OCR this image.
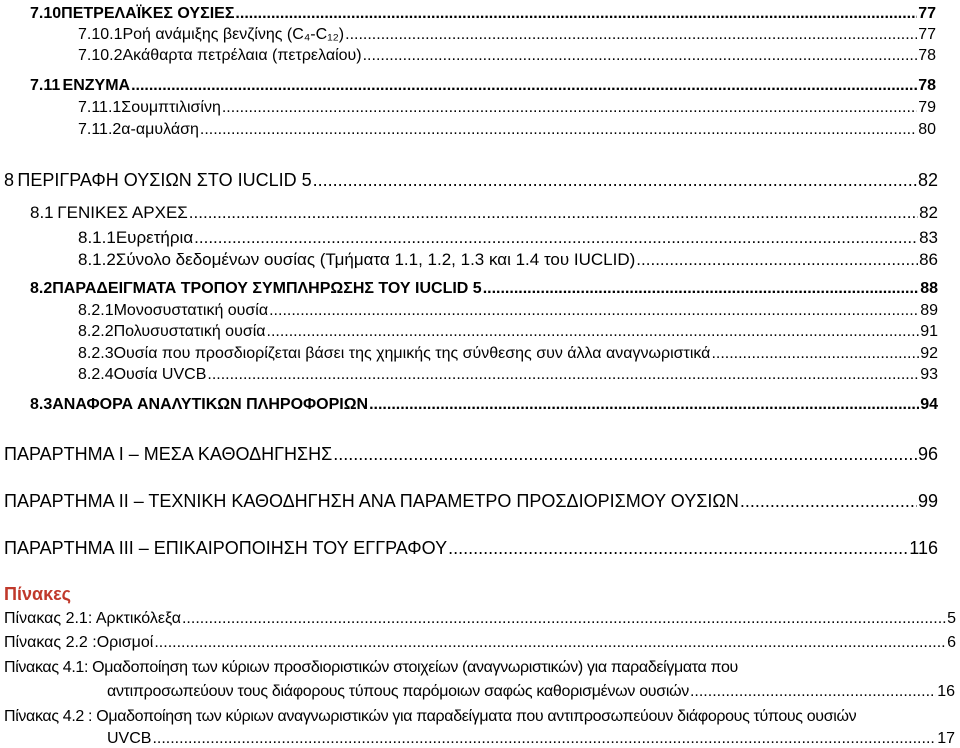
7.10 ΠΕΤΡΕΛΑΪΚΕΣ ΟΥΣΙΕΣ .....	77
7.10.1 Ροή ανάμιξης βενζίνης (C₄-C₁₂) .....	77
7.10.2 Ακάθαρτα πετρέλαια (πετρελαίου) .....	78
7.11 ΕΝΖΥΜΑ .....	78
7.11.1 Σουμπτιλισίνη .....	79
7.11.2 α-αμυλάση .....	80
8 ΠΕΡΙΓΡΑΦΗ ΟΥΣΙΩΝ ΣΤΟ IUCLID 5 .....	82
8.1 ΓΕΝΙΚΕΣ ΑΡΧΕΣ .....	82
8.1.1 Ευρετήρια .....	83
8.1.2 Σύνολο δεδομένων ουσίας (Τμήματα 1.1, 1.2, 1.3 και 1.4 του IUCLID) .....	86
8.2 ΠΑΡΑΔΕΙΓΜΑΤΑ ΤΡΟΠΟΥ ΣΥΜΠΛΗΡΩΣΗΣ ΤΟΥ IUCLID 5 .....	88
8.2.1 Μονοσυστατική ουσία .....	89
8.2.2 Πολυσυστατική ουσία .....	91
8.2.3 Ουσία που προσδιορίζεται βάσει της χημικής της σύνθεσης συν άλλα αναγνωριστικά .....	92
8.2.4 Ουσία UVCB .....	93
8.3 ΑΝΑΦΟΡΑ ΑΝΑΛΥΤΙΚΩΝ ΠΛΗΡΟΦΟΡΙΩΝ .....	94
ΠΑΡΑΡΤΗΜΑ Ι – ΜΕΣΑ ΚΑΘΟΔΗΓΗΣΗΣ .....	96
ΠΑΡΑΡΤΗΜΑ ΙΙ – ΤΕΧΝΙΚΗ ΚΑΘΟΔΗΓΗΣΗ ΑΝΑ ΠΑΡΑΜΕΤΡΟ ΠΡΟΣΔΙΟΡΙΣΜΟΥ ΟΥΣΙΩΝ .....	99
ΠΑΡΑΡΤΗΜΑ ΙΙΙ – ΕΠΙΚΑΙΡΟΠΟΙΗΣΗ ΤΟΥ ΕΓΓΡΑΦΟΥ .....	116
Πίνακες
Πίνακας 2.1: Αρκτικόλεξα .....	5
Πίνακας 2.2 :Ορισμοί .....	6
Πίνακας 4.1: Ομαδοποίηση των κύριων προσδιοριστικών στοιχείων (αναγνωριστικών) για παραδείγματα που
αντιπροσωπεύουν τους διάφορους τύπους παρόμοιων σαφώς καθορισμένων ουσιών .....	16
Πίνακας 4.2 : Ομαδοποίηση των κύριων αναγνωριστικών για παραδείγματα που αντιπροσωπεύουν διάφορους τύπους ουσιών
UVCB .....	17
